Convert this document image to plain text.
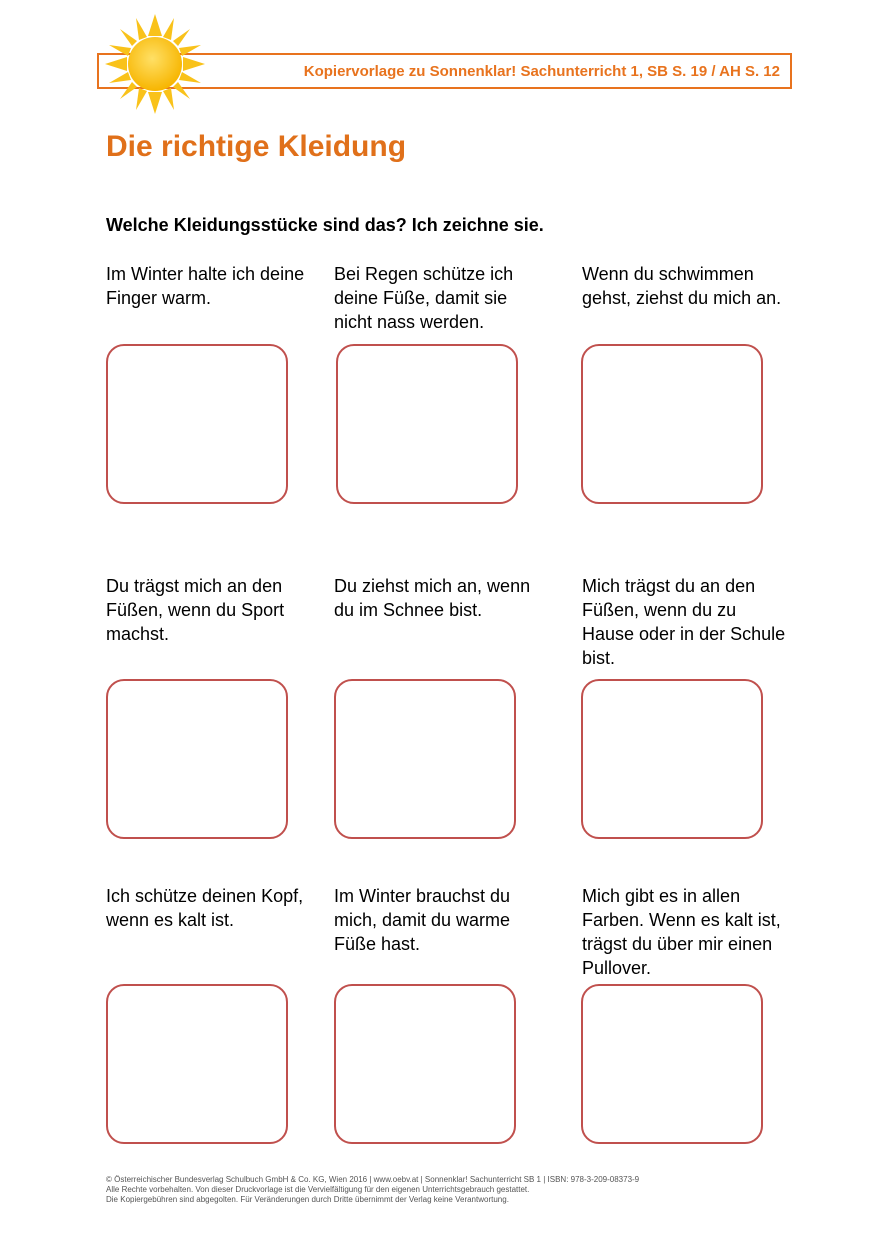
Kopiervorlage zu Sonnenklar! Sachunterricht 1, SB S. 19 / AH S. 12
Die richtige Kleidung
Welche Kleidungsstücke sind das? Ich zeichne sie.
Im Winter halte ich deine Finger warm.
Bei Regen schütze ich deine Füße, damit sie nicht nass werden.
Wenn du schwimmen gehst, ziehst du mich an.
Du trägst mich an den Füßen, wenn du Sport machst.
Du ziehst mich an, wenn du im Schnee bist.
Mich trägst du an den Füßen, wenn du zu Hause oder in der Schule bist.
Ich schütze deinen Kopf, wenn es kalt ist.
Im Winter brauchst du mich, damit du warme Füße hast.
Mich gibt es in allen Farben. Wenn es kalt ist, trägst du über mir einen Pullover.
© Österreichischer Bundesverlag Schulbuch GmbH & Co. KG, Wien 2016 | www.oebv.at | Sonnenklar! Sachunterricht SB 1 | ISBN: 978-3-209-08373-9
Alle Rechte vorbehalten. Von dieser Druckvorlage ist die Vervielfältigung für den eigenen Unterrichtsgebrauch gestattet.
Die Kopiergebühren sind abgegolten. Für Veränderungen durch Dritte übernimmt der Verlag keine Verantwortung.
